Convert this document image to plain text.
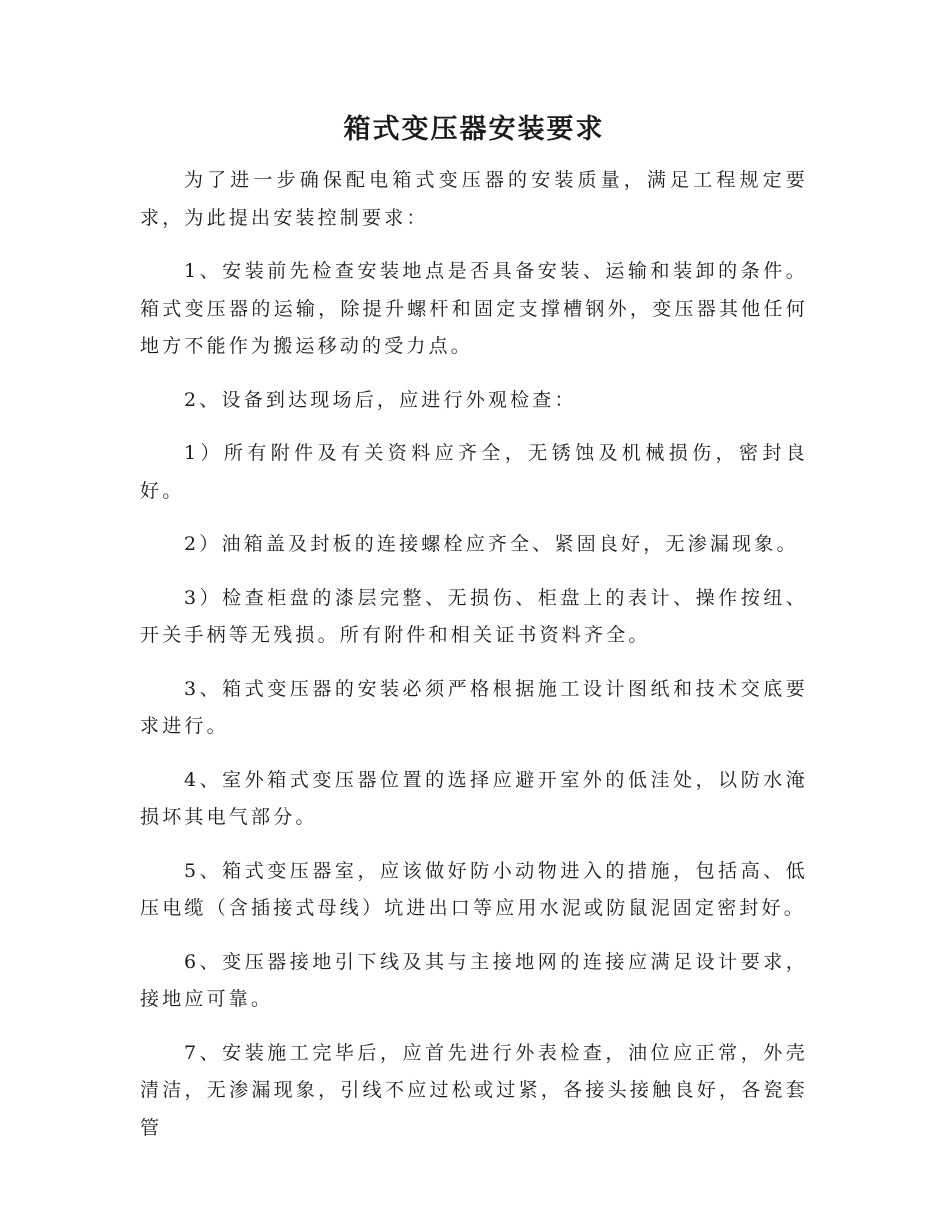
箱式变压器安装要求

为了进一步确保配电箱式变压器的安装质量，满足工程规定要求，为此提出安装控制要求：

1、安装前先检查安装地点是否具备安装、运输和装卸的条件。箱式变压器的运输，除提升螺杆和固定支撑槽钢外，变压器其他任何地方不能作为搬运移动的受力点。

2、设备到达现场后，应进行外观检查：

1）所有附件及有关资料应齐全，无锈蚀及机械损伤，密封良好。

2）油箱盖及封板的连接螺栓应齐全、紧固良好，无渗漏现象。

3）检查柜盘的漆层完整、无损伤、柜盘上的表计、操作按纽、开关手柄等无残损。所有附件和相关证书资料齐全。

3、箱式变压器的安装必须严格根据施工设计图纸和技术交底要求进行。

4、室外箱式变压器位置的选择应避开室外的低洼处，以防水淹损坏其电气部分。

5、箱式变压器室，应该做好防小动物进入的措施，包括高、低压电缆（含插接式母线）坑进出口等应用水泥或防鼠泥固定密封好。

6、变压器接地引下线及其与主接地网的连接应满足设计要求，接地应可靠。

7、安装施工完毕后，应首先进行外表检查，油位应正常，外壳清洁，无渗漏现象，引线不应过松或过紧，各接头接触良好，各瓷套管
